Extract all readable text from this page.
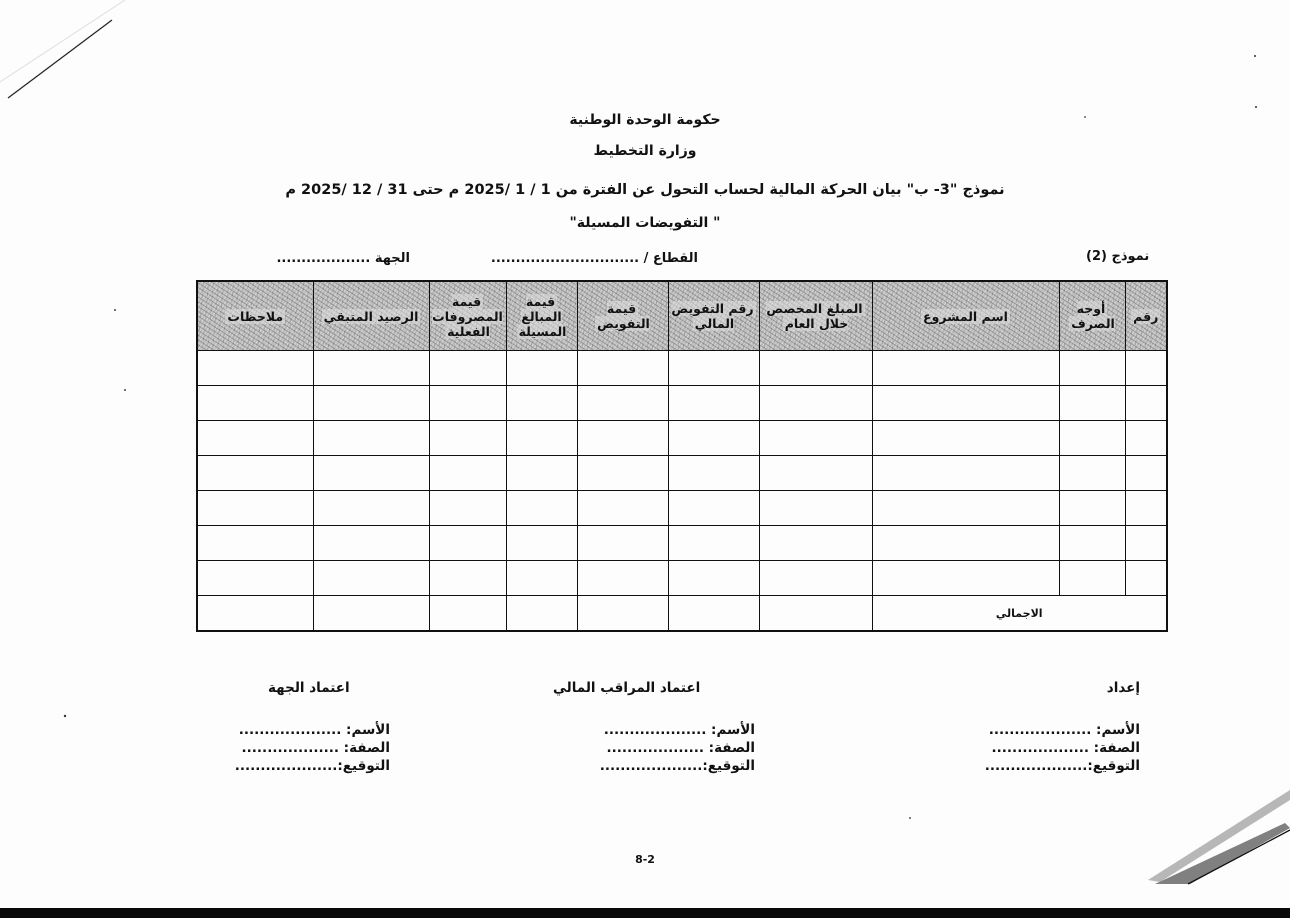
حكومة الوحدة الوطنية
وزارة التخطيط
نموذج "3- ب" بيان الحركة المالية لحساب التحول عن الفترة من 1 / 1 /2025 م حتى 31 / 12 /2025 م
" التفويضات المسيلة"
نموذج (2)
القطاع / ..............................
الجهة ...................
رقم	أوجه الصرف	اسم المشروع	المبلغ المخصص خلال العام	رقم التفويض المالي	قيمة التفويض	قيمة المبالغ المسيلة	قيمة المصروفات الفعلية	الرصيد المتبقي	ملاحظات

الاجمالي									
إعداد
الأسم: ....................
الصفة: ...................
التوقيع:....................
اعتماد المراقب المالي
الأسم: ....................
الصفة: ...................
التوقيع:....................
اعتماد الجهة
الأسم: ....................
الصفة: ...................
التوقيع:....................
8-2
